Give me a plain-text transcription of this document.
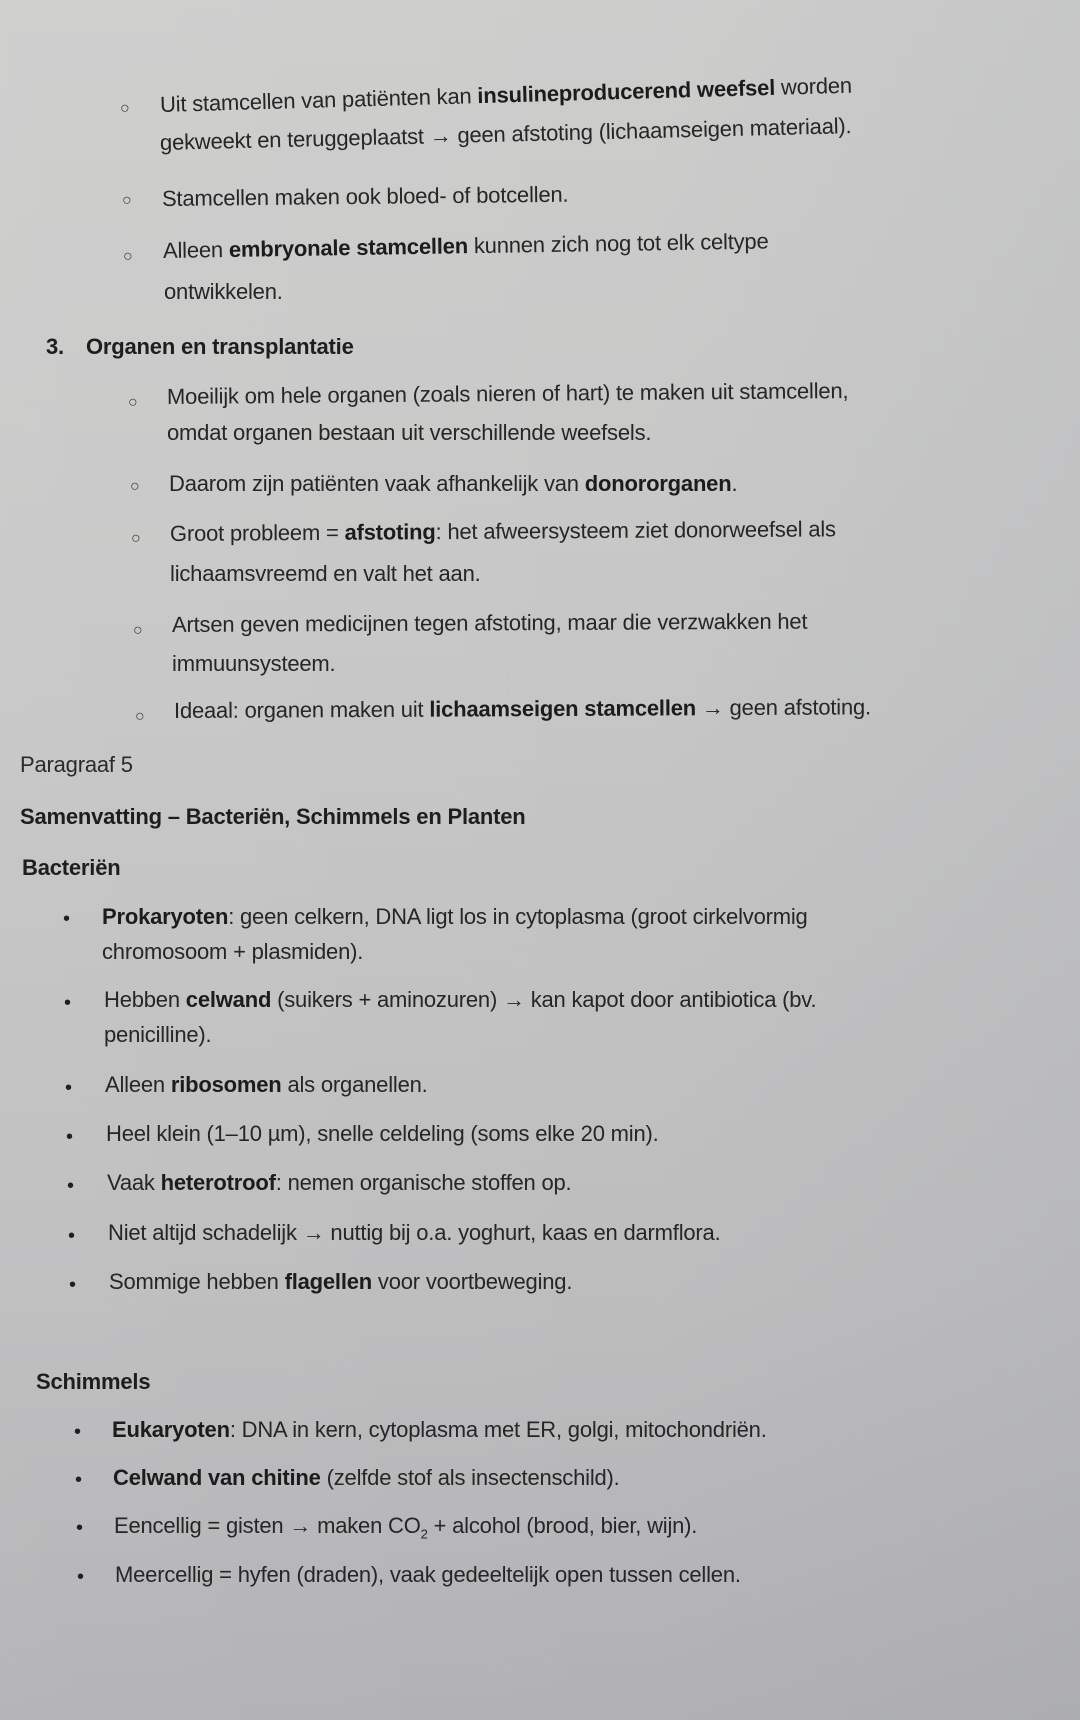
○ Uit stamcellen van patiënten kan insulineproducerend weefsel worden
gekweekt en teruggeplaatst → geen afstoting (lichaamseigen materiaal).
○ Stamcellen maken ook bloed- of botcellen.
○ Alleen embryonale stamcellen kunnen zich nog tot elk celtype
ontwikkelen.
3. Organen en transplantatie
○ Moeilijk om hele organen (zoals nieren of hart) te maken uit stamcellen,
omdat organen bestaan uit verschillende weefsels.
○ Daarom zijn patiënten vaak afhankelijk van donororganen.
○ Groot probleem = afstoting: het afweersysteem ziet donorweefsel als
lichaamsvreemd en valt het aan.
○ Artsen geven medicijnen tegen afstoting, maar die verzwakken het
immuunsysteem.
○ Ideaal: organen maken uit lichaamseigen stamcellen → geen afstoting.
Paragraaf 5
Samenvatting – Bacteriën, Schimmels en Planten
Bacteriën
• Prokaryoten: geen celkern, DNA ligt los in cytoplasma (groot cirkelvormig
chromosoom + plasmiden).
• Hebben celwand (suikers + aminozuren) → kan kapot door antibiotica (bv.
penicilline).
• Alleen ribosomen als organellen.
• Heel klein (1–10 µm), snelle celdeling (soms elke 20 min).
• Vaak heterotroof: nemen organische stoffen op.
• Niet altijd schadelijk → nuttig bij o.a. yoghurt, kaas en darmflora.
• Sommige hebben flagellen voor voortbeweging.
Schimmels
• Eukaryoten: DNA in kern, cytoplasma met ER, golgi, mitochondriën.
• Celwand van chitine (zelfde stof als insectenschild).
• Eencellig = gisten → maken $CO_2$ + alcohol (brood, bier, wijn).
• Meercellig = hyfen (draden), vaak gedeeltelijk open tussen cellen.
